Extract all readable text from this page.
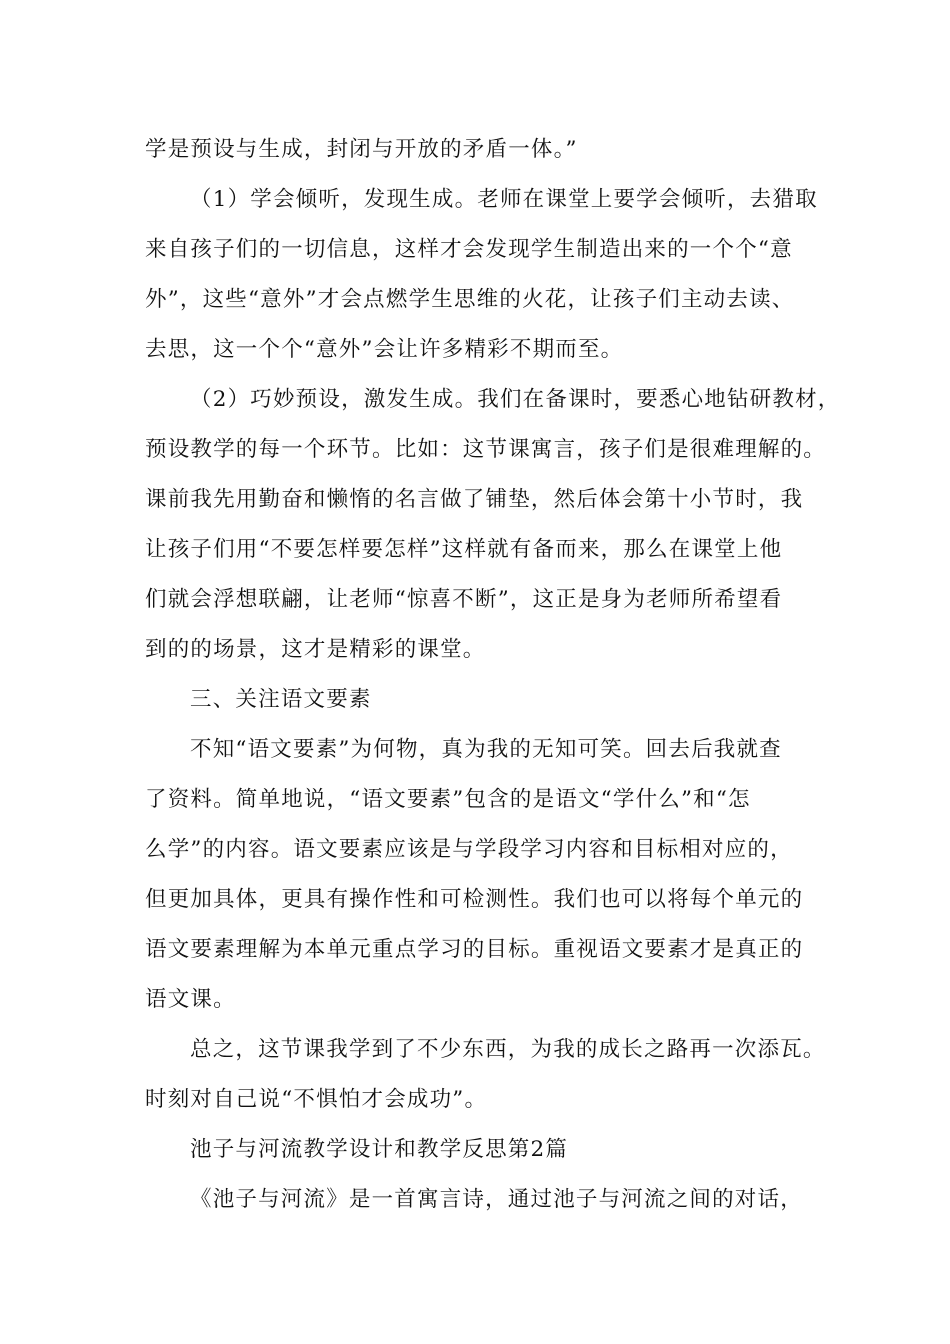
学是预设与生成，封闭与开放的矛盾一体。”
（1）学会倾听，发现生成。老师在课堂上要学会倾听，去猎取
来自孩子们的一切信息，这样才会发现学生制造出来的一个个“意
外”，这些“意外”才会点燃学生思维的火花，让孩子们主动去读、
去思，这一个个“意外”会让许多精彩不期而至。
（2）巧妙预设，激发生成。我们在备课时，要悉心地钻研教材，
预设教学的每一个环节。比如：这节课寓言，孩子们是很难理解的。
课前我先用勤奋和懒惰的名言做了铺垫，然后体会第十小节时，我
让孩子们用“不要怎样要怎样”这样就有备而来，那么在课堂上他
们就会浮想联翩，让老师“惊喜不断”，这正是身为老师所希望看
到的的场景，这才是精彩的课堂。
三、关注语文要素
不知“语文要素”为何物，真为我的无知可笑。回去后我就查
了资料。简单地说，“语文要素”包含的是语文“学什么”和“怎
么学”的内容。语文要素应该是与学段学习内容和目标相对应的，
但更加具体，更具有操作性和可检测性。我们也可以将每个单元的
语文要素理解为本单元重点学习的目标。重视语文要素才是真正的
语文课。
总之，这节课我学到了不少东西，为我的成长之路再一次添瓦。
时刻对自己说“不惧怕才会成功”。
池子与河流教学设计和教学反思第2篇
《池子与河流》是一首寓言诗，通过池子与河流之间的对话，
